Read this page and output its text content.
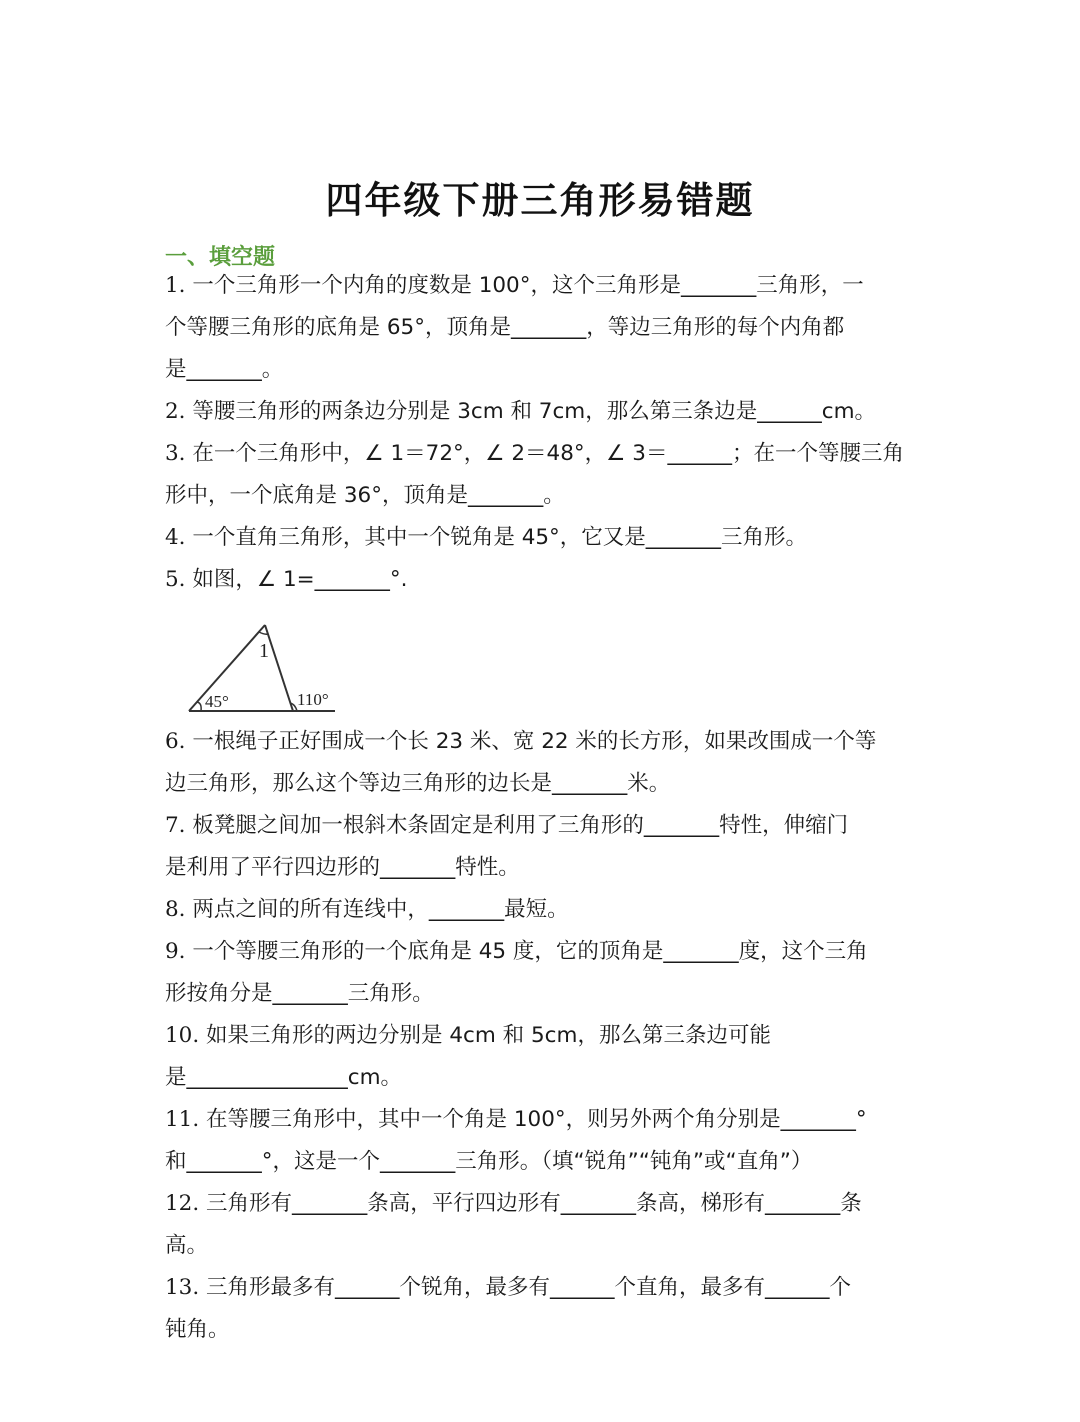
四年级下册三角形易错题
一、填空题
1. 一个三角形一个内角的度数是 100°，这个三角形是_______三角形，一
个等腰三角形的底角是 65°，顶角是_______，等边三角形的每个内角都
是_______。
2. 等腰三角形的两条边分别是 3cm 和 7cm，那么第三条边是______cm。
3. 在一个三角形中，∠ 1＝72°，∠ 2＝48°，∠ 3＝______；在一个等腰三角
形中，一个底角是 36°，顶角是_______。
4. 一个直角三角形，其中一个锐角是 45°，它又是_______三角形。
5. 如图，∠ 1=_______°.
1
45°	110°
6. 一根绳子正好围成一个长 23 米、宽 22 米的长方形，如果改围成一个等
边三角形，那么这个等边三角形的边长是_______米。
7. 板凳腿之间加一根斜木条固定是利用了三角形的_______特性，伸缩门
是利用了平行四边形的_______特性。
8. 两点之间的所有连线中，_______最短。
9. 一个等腰三角形的一个底角是 45 度，它的顶角是_______度，这个三角
形按角分是_______三角形。
10. 如果三角形的两边分别是 4cm 和 5cm，那么第三条边可能
是_______________cm。
11. 在等腰三角形中，其中一个角是 100°，则另外两个角分别是_______°
和_______°，这是一个_______三角形。（填“锐角”“钝角”或“直角”）
12. 三角形有_______条高，平行四边形有_______条高，梯形有_______条
高。
13. 三角形最多有______个锐角，最多有______个直角，最多有______个
钝角。
